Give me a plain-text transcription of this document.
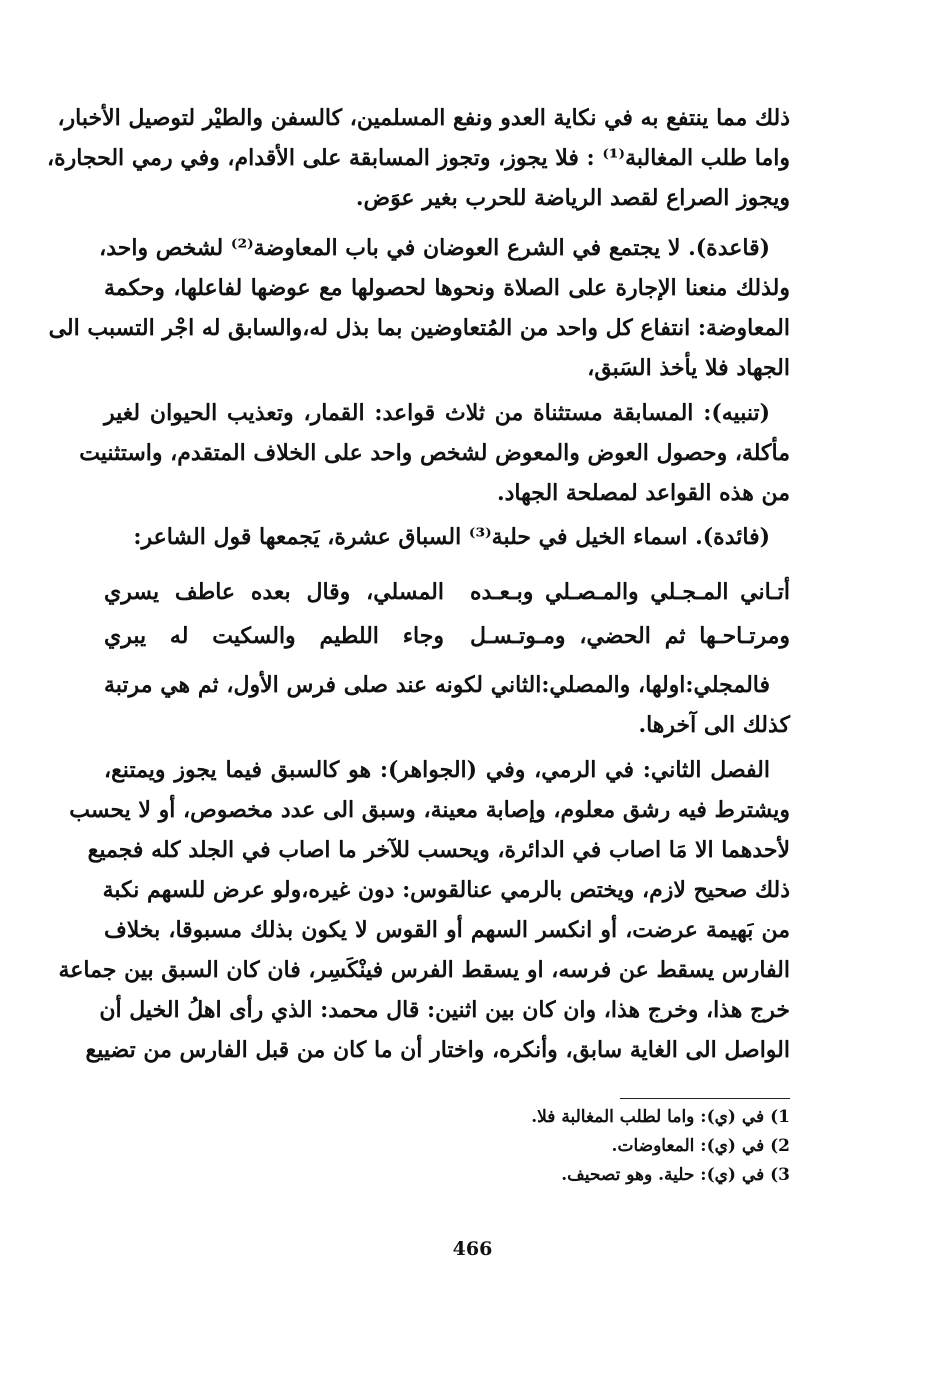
ذلك مما ينتفع به في نكاية العدو ونفع المسلمين، كالسفن والطيْر لتوصيل الأخبار،
واما طلب المغالبة⁽¹⁾ : فلا يجوز، وتجوز المسابقة على الأقدام، وفي رمي الحجارة،
ويجوز الصراع لقصد الرياضة للحرب بغير عوَض.
(قاعدة). لا يجتمع في الشرع العوضان في باب المعاوضة⁽²⁾ لشخص واحد،
ولذلك منعنا الإجارة على الصلاة ونحوها لحصولها مع عوضها لفاعلها، وحكمة
المعاوضة: انتفاع كل واحد من المُتعاوضين بما بذل له،والسابق له اجْر التسبب الى
الجهاد فلا يأخذ السَبق،
(تنبيه): المسابقة مستثناة من ثلاث قواعد: القمار، وتعذيب الحيوان لغير
مأكلة، وحصول العوض والمعوض لشخص واحد على الخلاف المتقدم، واستثنيت
من هذه القواعد لمصلحة الجهاد.
(فائدة). اسماء الخيل في حلبة⁽³⁾ السباق عشرة، يَجمعها قول الشاعر:
أتـاني المـجـلي والمـصـلي وبـعـده
المسلي، وقال بعده عاطف يسري
ومرتـاحـها ثم الحضي، ومـوتـسـل
وجاء اللطيم والسكيت له يبري
فالمجلي:اولها، والمصلي:الثاني لكونه عند صلى فرس الأول، ثم هي مرتبة
كذلك الى آخرها.
الفصل الثاني: في الرمي، وفي (الجواهر): هو كالسبق فيما يجوز ويمتنع،
ويشترط فيه رشق معلوم، وإصابة معينة، وسبق الى عدد مخصوص، أو لا يحسب
لأحدهما الا مَا اصاب في الدائرة، ويحسب للآخر ما اصاب في الجلد كله فجميع
ذلك صحيح لازم، ويختص بالرمي عنالقوس: دون غيره،ولو عرض للسهم نكبة
من بَهيمة عرضت، أو انكسر السهم أو القوس لا يكون بذلك مسبوقا، بخلاف
الفارس يسقط عن فرسه، او يسقط الفرس فينْكَسِر، فان كان السبق بين جماعة
خرج هذا، وخرج هذا، وان كان بين اثنين: قال محمد: الذي رأى اهلُ الخيل أن
الواصل الى الغاية سابق، وأنكره، واختار أن ما كان من قبل الفارس من تضييع
1) في (ي): واما لطلب المغالبة فلا.
2) في (ي): المعاوضات.
3) في (ي): حلية. وهو تصحيف.
466
